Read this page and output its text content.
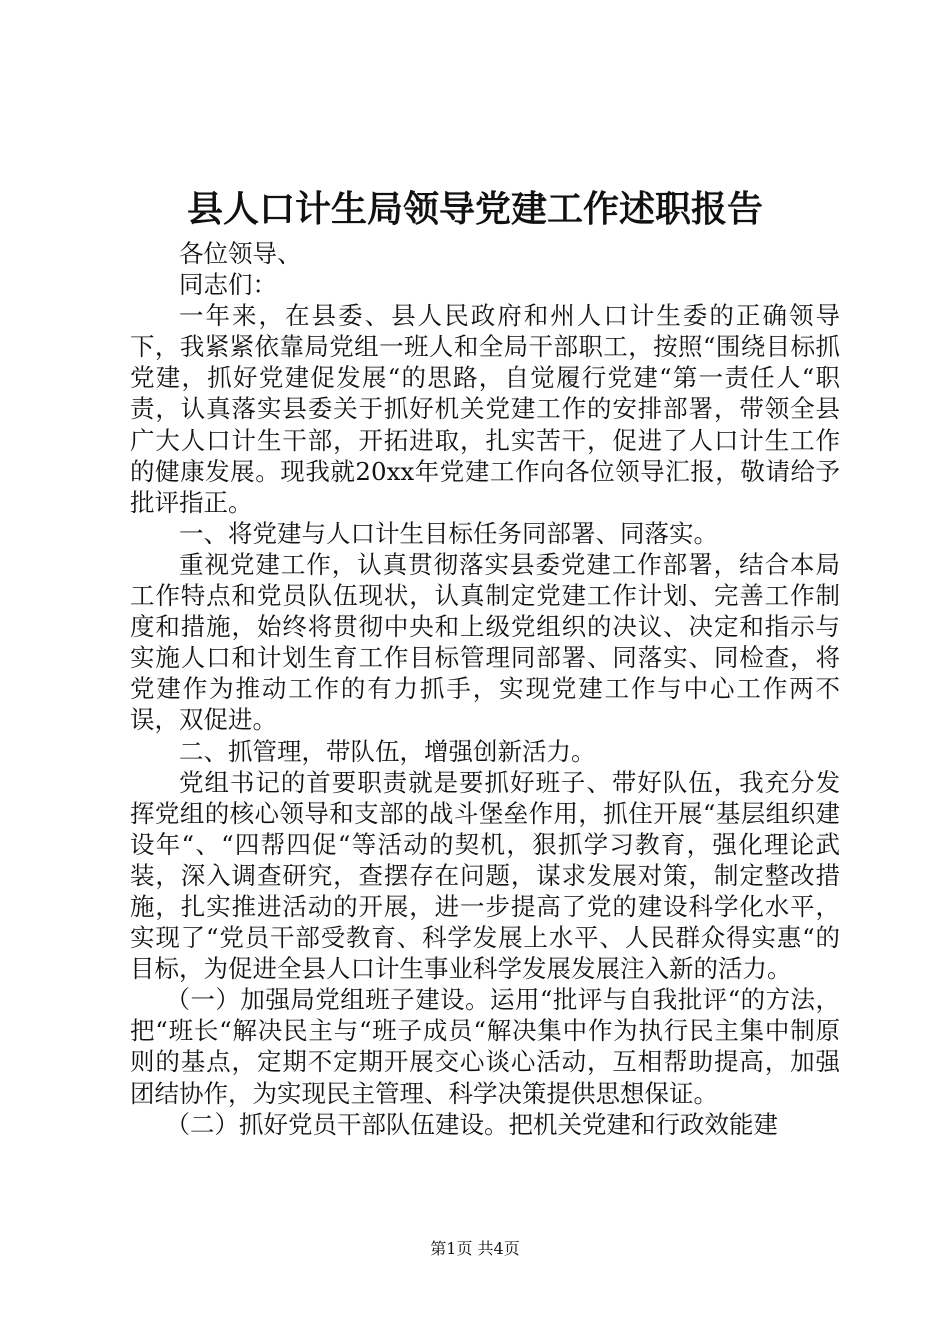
县人口计生局领导党建工作述职报告

各位领导、

同志们：

一年来，在县委、县人民政府和州人口计生委的正确领导下，我紧紧依靠局党组一班人和全局干部职工，按照“围绕目标抓党建，抓好党建促发展“的思路，自觉履行党建“第一责任人“职责，认真落实县委关于抓好机关党建工作的安排部署，带领全县广大人口计生干部，开拓进取，扎实苦干，促进了人口计生工作的健康发展。现我就20xx年党建工作向各位领导汇报，敬请给予批评指正。

一、将党建与人口计生目标任务同部署、同落实。

重视党建工作，认真贯彻落实县委党建工作部署，结合本局工作特点和党员队伍现状，认真制定党建工作计划、完善工作制度和措施，始终将贯彻中央和上级党组织的决议、决定和指示与实施人口和计划生育工作目标管理同部署、同落实、同检查，将党建作为推动工作的有力抓手，实现党建工作与中心工作两不误，双促进。

二、抓管理，带队伍，增强创新活力。

党组书记的首要职责就是要抓好班子、带好队伍，我充分发挥党组的核心领导和支部的战斗堡垒作用，抓住开展“基层组织建设年“、“四帮四促“等活动的契机，狠抓学习教育，强化理论武装，深入调查研究，查摆存在问题，谋求发展对策，制定整改措施，扎实推进活动的开展，进一步提高了党的建设科学化水平，实现了“党员干部受教育、科学发展上水平、人民群众得实惠“的目标，为促进全县人口计生事业科学发展发展注入新的活力。

（一）加强局党组班子建设。运用“批评与自我批评“的方法，把“班长“解决民主与“班子成员“解决集中作为执行民主集中制原则的基点，定期不定期开展交心谈心活动，互相帮助提高，加强团结协作，为实现民主管理、科学决策提供思想保证。

（二）抓好党员干部队伍建设。把机关党建和行政效能建

第1页 共4页
